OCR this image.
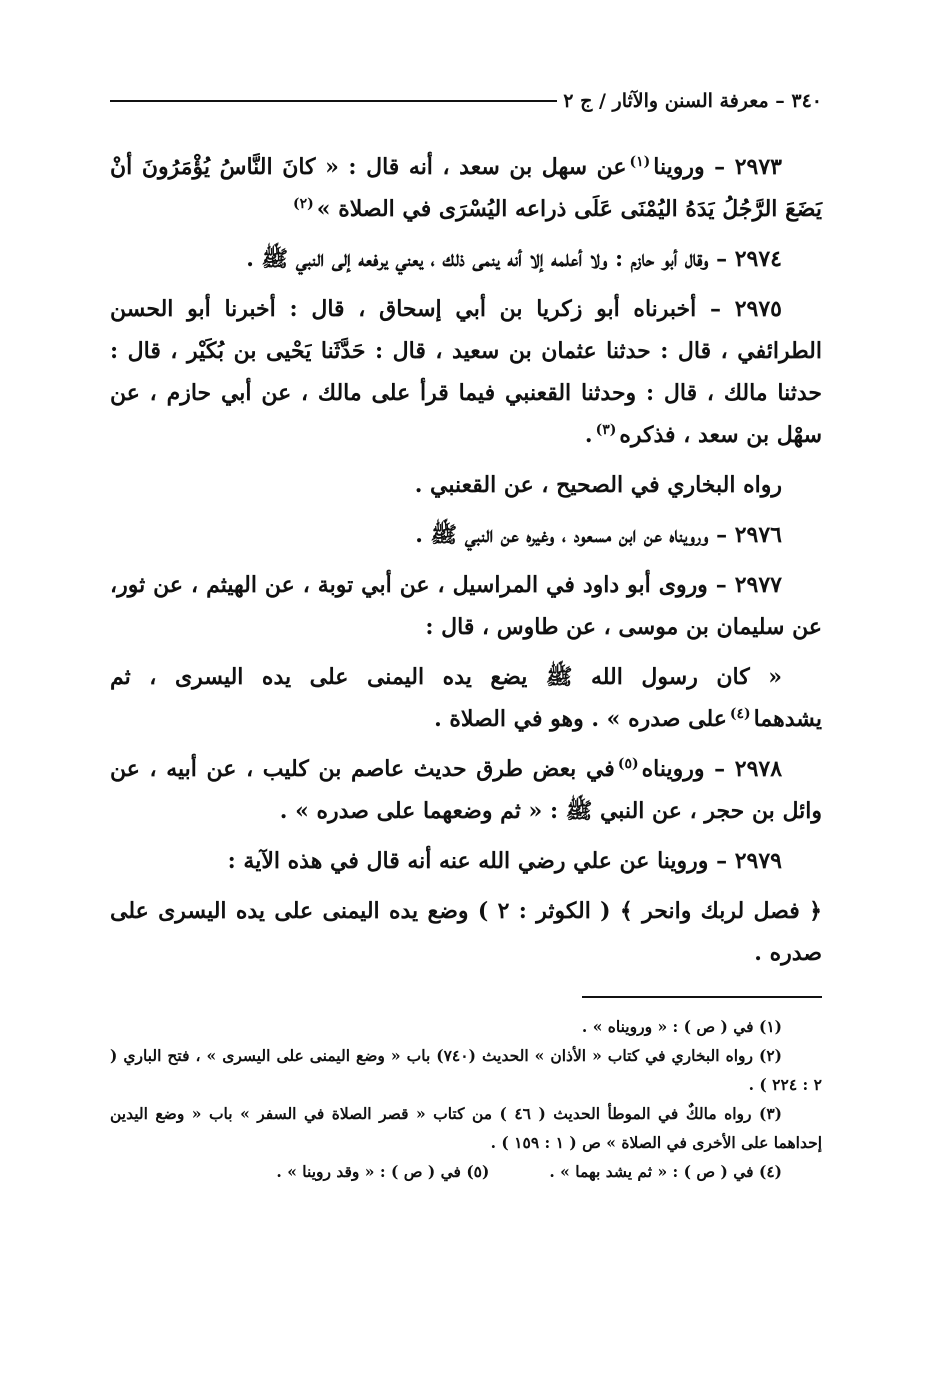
٣٤٠
–
معرفة السنن والآثار / ج ٢

٢٩٧٣ – وروينا$^{(١)}$عن سهل بن سعد ، أنه قال : « كانَ النَّاسُ يُؤْمَرُونَ أنْ يَضَعَ الرَّجُلُ يَدَهُ اليُمْنَى عَلَى ذراعه اليُسْرَى في الصلاة »$^{(٢)}$

٢٩٧٤ – وقال أبو حازم : ولا أعلمه إلا أنه ينمى ذلك ، يعني يرفعه إلى النبي ﷺ .

٢٩٧٥ – أخبرناه أبو زكريا بن أبي إسحاق ، قال : أخبرنا أبو الحسن الطرائفي ، قال : حدثنا عثمان بن سعيد ، قال : حَدَّثَنا يَحْيى بن بُكَيْر ، قال : حدثنا مالك ، قال : وحدثنا القعنبي فيما قرأ على مالك ، عن أبي حازم ، عن سهْل بن سعد ، فذكره$^{(٣)}$.

رواه البخاري في الصحيح ، عن القعنبي .

٢٩٧٦ – ورويناه عن ابن مسعود ، وغيره عن النبي ﷺ .

٢٩٧٧ – وروى أبو داود في المراسيل ، عن أبي توبة ، عن الهيثم ، عن ثور، عن سليمان بن موسى ، عن طاوس ، قال :

« كان رسول الله ﷺ يضع يده اليمنى على يده اليسرى ، ثم يشدهما$^{(٤)}$على صدره » . وهو في الصلاة .

٢٩٧٨ – ورويناه$^{(٥)}$في بعض طرق حديث عاصم بن كليب ، عن أبيه ، عن وائل بن حجر ، عن النبي ﷺ : « ثم وضعهما على صدره » .

٢٩٧٩ – وروينا عن علي رضي الله عنه أنه قال في هذه الآية :

﴿ فصل لربك وانحر ﴾ ( الكوثر : ٢ ) وضع يده اليمنى على يده اليسرى على صدره .

(١) في ( ص ) : « ورويناه » .

(٢) رواه البخاري في كتاب « الأذان » الحديث (٧٤٠) باب « وضع اليمنى على اليسرى » ، فتح الباري ( ٢ : ٢٢٤ ) .

(٣) رواه مالكٌ في الموطأ الحديث ( ٤٦ ) من كتاب « قصر الصلاة في السفر » باب « وضع اليدين إحداهما على الأخرى في الصلاة » ص ( ١ : ١٥٩ ) .

(٤) في ( ص ) : « ثم يشد بهما » .
(٥) في ( ص ) : « وقد روينا » .
